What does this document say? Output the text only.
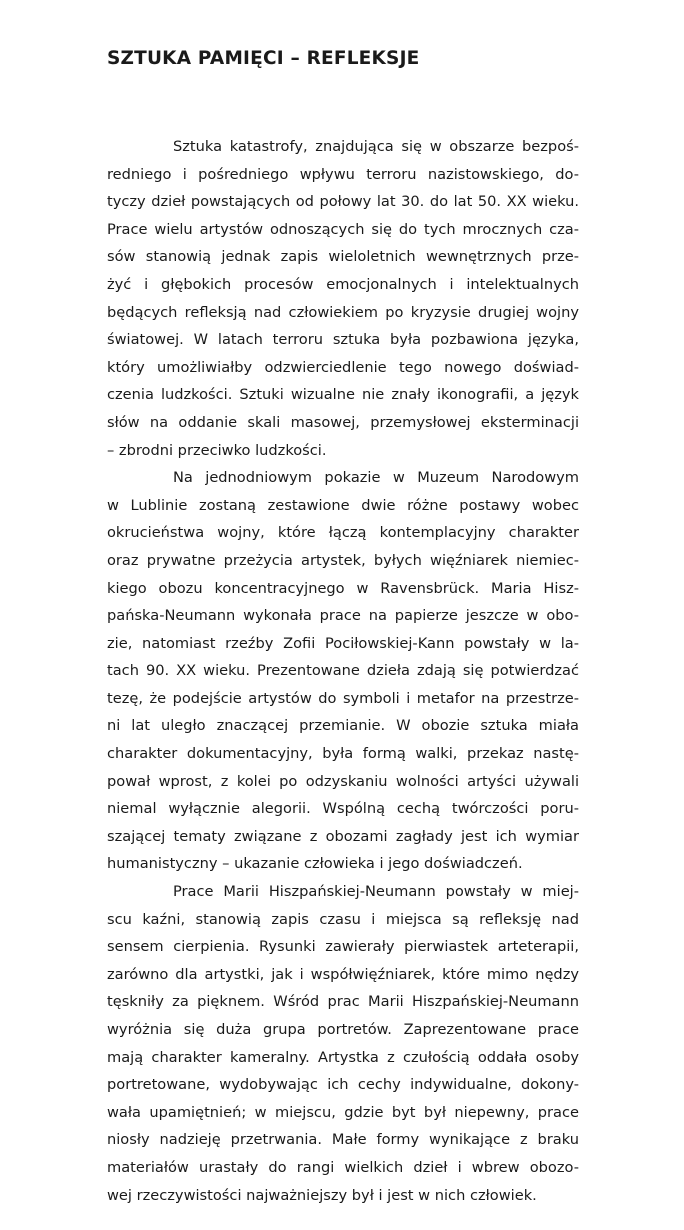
SZTUKA PAMIĘCI – REFLEKSJE
Sztuka katastrofy, znajdująca się w obszarze bezpoś-
redniego i pośredniego wpływu terroru nazistowskiego, do-
tyczy dzieł powstających od połowy lat 30. do lat 50. XX wieku.
Prace wielu artystów odnoszących się do tych mrocznych cza-
sów stanowią jednak zapis wieloletnich wewnętrznych prze-
żyć i głębokich procesów emocjonalnych i intelektualnych
będących refleksją nad człowiekiem po kryzysie drugiej wojny
światowej. W latach terroru sztuka była pozbawiona języka,
który umożliwiałby odzwierciedlenie tego nowego doświad-
czenia ludzkości. Sztuki wizualne nie znały ikonografii, a język
słów na oddanie skali masowej, przemysłowej eksterminacji
– zbrodni przeciwko ludzkości.
Na jednodniowym pokazie w Muzeum Narodowym
w Lublinie zostaną zestawione dwie różne postawy wobec
okrucieństwa wojny, które łączą kontemplacyjny charakter
oraz prywatne przeżycia artystek, byłych więźniarek niemiec-
kiego obozu koncentracyjnego w Ravensbrück. Maria Hisz-
pańska-Neumann wykonała prace na papierze jeszcze w obo-
zie, natomiast rzeźby Zofii Pociłowskiej-Kann powstały w la-
tach 90. XX wieku. Prezentowane dzieła zdają się potwierdzać
tezę, że podejście artystów do symboli i metafor na przestrze-
ni lat uległo znaczącej przemianie. W obozie sztuka miała
charakter dokumentacyjny, była formą walki, przekaz nastę-
pował wprost, z kolei po odzyskaniu wolności artyści używali
niemal wyłącznie alegorii. Wspólną cechą twórczości poru-
szającej tematy związane z obozami zagłady jest ich wymiar
humanistyczny – ukazanie człowieka i jego doświadczeń.
Prace Marii Hiszpańskiej-Neumann powstały w miej-
scu kaźni, stanowią zapis czasu i miejsca są refleksję nad
sensem cierpienia. Rysunki zawierały pierwiastek arteterapii,
zarówno dla artystki, jak i współwięźniarek, które mimo nędzy
tęskniły za pięknem. Wśród prac Marii Hiszpańskiej-Neumann
wyróżnia się duża grupa portretów. Zaprezentowane prace
mają charakter kameralny. Artystka z czułością oddała osoby
portretowane, wydobywając ich cechy indywidualne, dokony-
wała upamiętnień; w miejscu, gdzie byt był niepewny, prace
niosły nadzieję przetrwania. Małe formy wynikające z braku
materiałów urastały do rangi wielkich dzieł i wbrew obozo-
wej rzeczywistości najważniejszy był i jest w nich człowiek.
